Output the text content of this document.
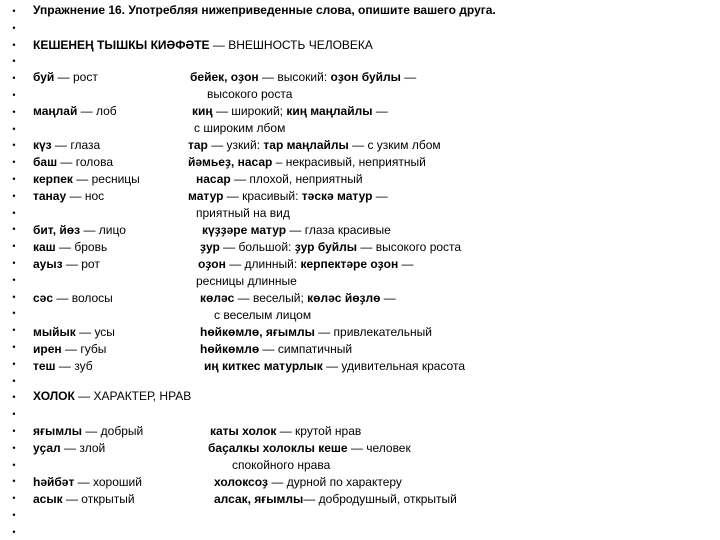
•
•
•
•
•
•
•
•
•
•
•
•
•
•
•
•
•
•
•
•
•
•
•
•
•
•
•
•
•
•
•
•
Упражнение 16. Употребляя нижеприведенные слова, опишите вашего друга.
КЕШЕНЕҢ ТЫШКЫ КИӘФӘТЕ — ВНЕШНОСТЬ ЧЕЛОВЕКА
буй — рост
маңлай — лоб
күз — глаза
баш — голова
керпек — ресницы
танау — нос
бит, йөз — лицо
каш — бровь
ауыз — рот
сәс — волосы
мыйык — усы
ирен — губы
теш — зуб
бейек, оҙон — высокий: оҙон буйлы —
высокого роста
киң — широкий; киң маңлайлы —
с широким лбом
тар — узкий: тар маңлайлы — с узким лбом
йәмьеҙ, насар – некрасивый, неприятный
насар — плохой, неприятный
матур — красивый: тәскә матур —
приятный на вид
күҙҙәре матур — глаза красивые
ҙур — большой: ҙур буйлы — высокого роста
оҙон — длинный: керпектәре оҙон —
ресницы длинные
көләс — веселый; көләс йөҙлө —
с веселым лицом
һөйкөмлө, яғымлы — привлекательный
һөйкөмлө — симпатичный
иң киткес матурлык — удивительная красота
ХОЛОК — ХАРАКТЕР, НРАВ
яғымлы — добрый
уҫал — злой
һәйбәт — хороший
асык — открытый
каты холок — крутой нрав
баҫалкы холоклы кеше — человек
спокойного нрава
холоксоҙ — дурной по характеру
алсак, яғымлы— добродушный, открытый
